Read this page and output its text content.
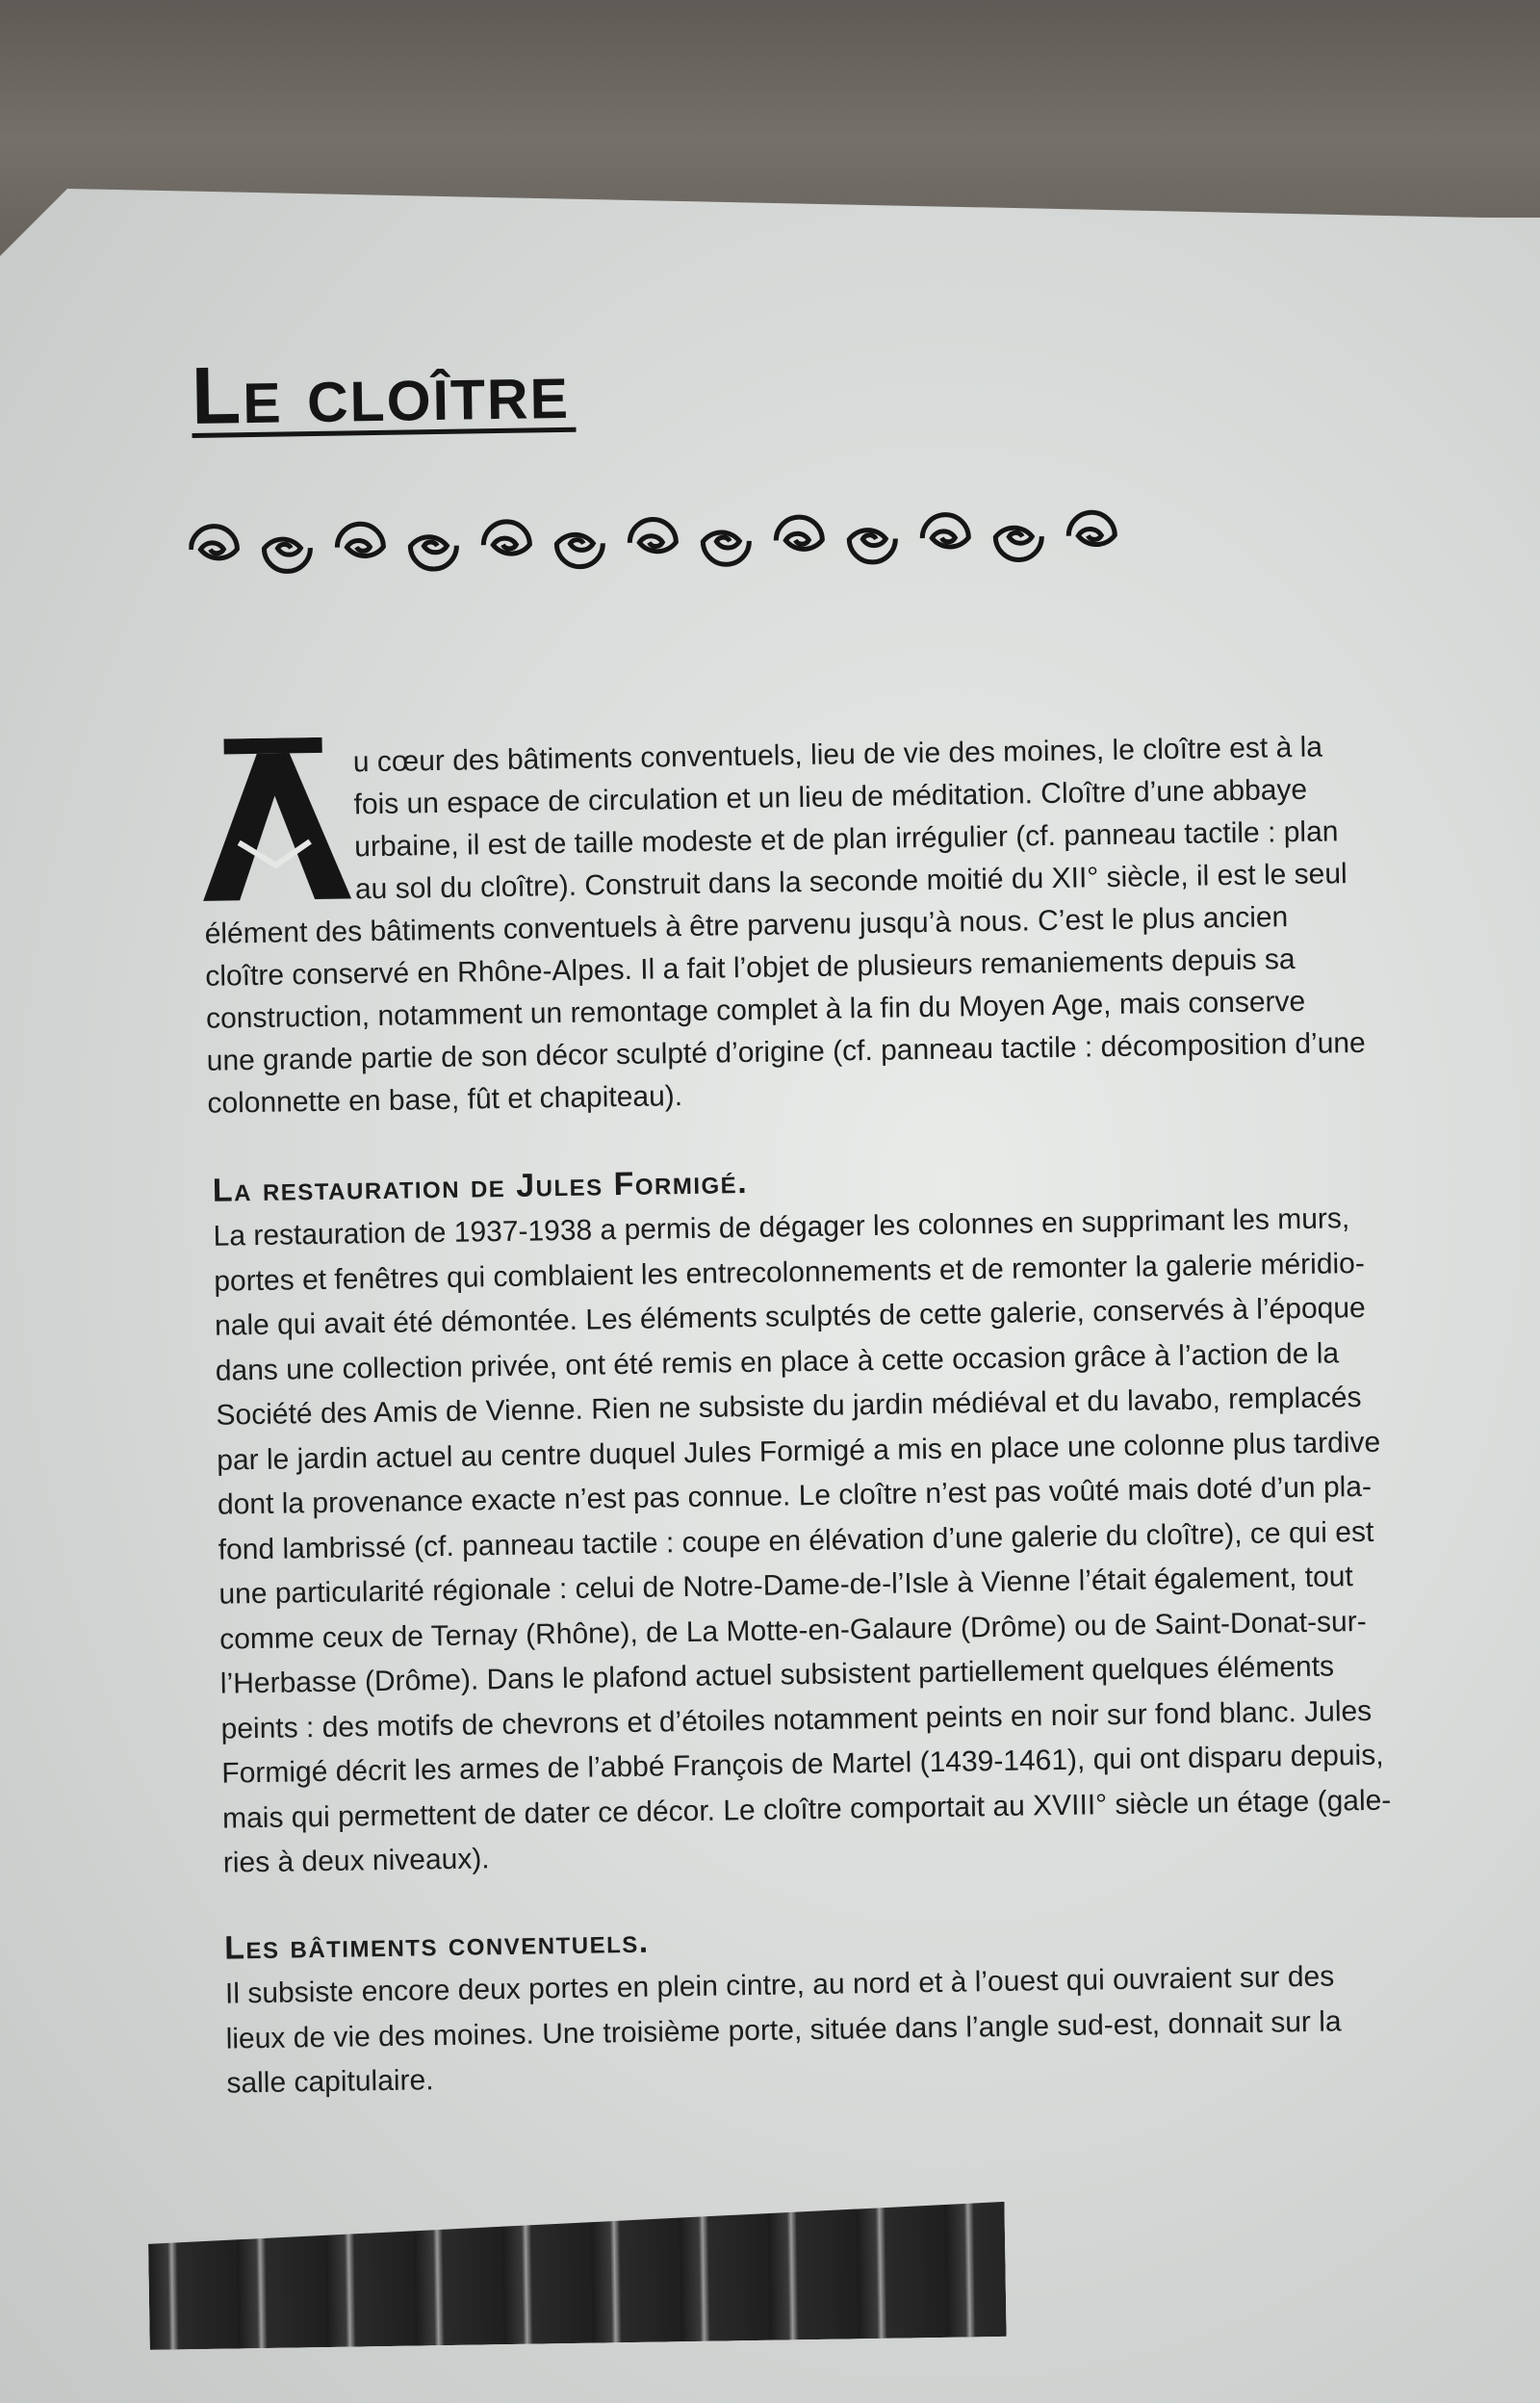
Le cloître
u cœur des bâtiments conventuels, lieu de vie des moines, le cloître est à la
fois un espace de circulation et un lieu de méditation. Cloître d’une abbaye
urbaine, il est de taille modeste et de plan irrégulier (cf. panneau tactile : plan
au sol du cloître). Construit dans la seconde moitié du XII° siècle, il est le seul
élément des bâtiments conventuels à être parvenu jusqu’à nous. C’est le plus ancien
cloître conservé en Rhône-Alpes. Il a fait l’objet de plusieurs remaniements depuis sa
construction, notamment un remontage complet à la fin du Moyen Age, mais conserve
une grande partie de son décor sculpté d’origine (cf. panneau tactile : décomposition d’une
colonnette en base, fût et chapiteau).
La restauration de Jules Formigé.
La restauration de 1937-1938 a permis de dégager les colonnes en supprimant les murs,
portes et fenêtres qui comblaient les entrecolonnements et de remonter la galerie méridio-
nale qui avait été démontée. Les éléments sculptés de cette galerie, conservés à l’époque
dans une collection privée, ont été remis en place à cette occasion grâce à l’action de la
Société des Amis de Vienne. Rien ne subsiste du jardin médiéval et du lavabo, remplacés
par le jardin actuel au centre duquel Jules Formigé a mis en place une colonne plus tardive
dont la provenance exacte n’est pas connue. Le cloître n’est pas voûté mais doté d’un pla-
fond lambrissé (cf. panneau tactile : coupe en élévation d’une galerie du cloître), ce qui est
une particularité régionale : celui de Notre-Dame-de-l’Isle à Vienne l’était également, tout
comme ceux de Ternay (Rhône), de La Motte-en-Galaure (Drôme) ou de Saint-Donat-sur-
l’Herbasse (Drôme). Dans le plafond actuel subsistent partiellement quelques éléments
peints : des motifs de chevrons et d’étoiles notamment peints en noir sur fond blanc. Jules
Formigé décrit les armes de l’abbé François de Martel (1439-1461), qui ont disparu depuis,
mais qui permettent de dater ce décor. Le cloître comportait au XVIII° siècle un étage (gale-
ries à deux niveaux).
Les bâtiments conventuels.
Il subsiste encore deux portes en plein cintre, au nord et à l’ouest qui ouvraient sur des
lieux de vie des moines. Une troisième porte, située dans l’angle sud-est, donnait sur la
salle capitulaire.
